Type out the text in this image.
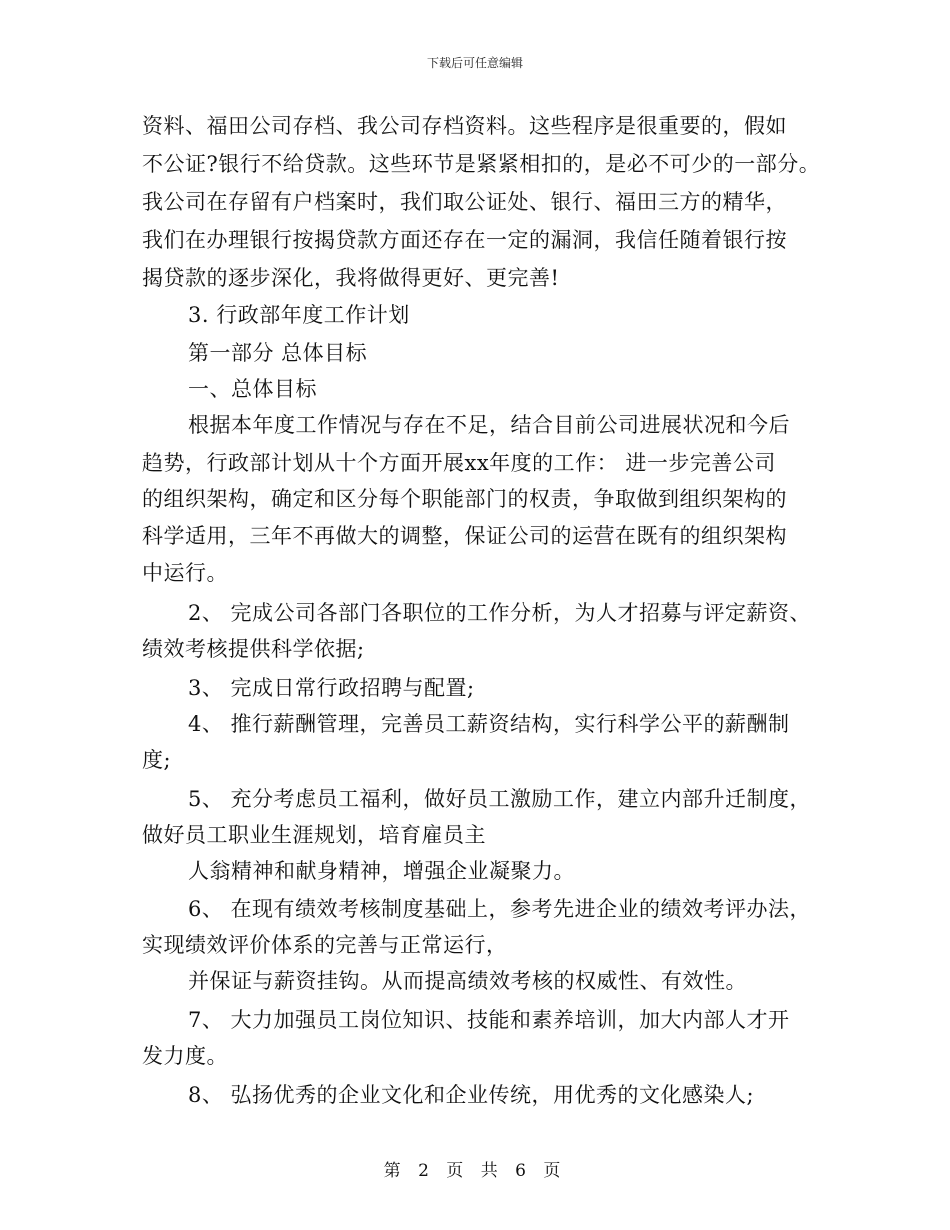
下载后可任意编辑
资料、福田公司存档、我公司存档资料。这些程序是很重要的，假如
不公证?银行不给贷款。这些环节是紧紧相扣的，是必不可少的一部分。
我公司在存留有户档案时，我们取公证处、银行、福田三方的精华，
我们在办理银行按揭贷款方面还存在一定的漏洞，我信任随着银行按
揭贷款的逐步深化，我将做得更好、更完善!
3. 行政部年度工作计划
第一部分 总体目标
一、总体目标
根据本年度工作情况与存在不足，结合目前公司进展状况和今后
趋势，行政部计划从十个方面开展xx年度的工作： 进一步完善公司
的组织架构，确定和区分每个职能部门的权责，争取做到组织架构的
科学适用，三年不再做大的调整，保证公司的运营在既有的组织架构
中运行。
2、 完成公司各部门各职位的工作分析，为人才招募与评定薪资、
绩效考核提供科学依据;
3、 完成日常行政招聘与配置;
4、 推行薪酬管理，完善员工薪资结构，实行科学公平的薪酬制
度;
5、 充分考虑员工福利，做好员工激励工作，建立内部升迁制度，
做好员工职业生涯规划，培育雇员主
人翁精神和献身精神，增强企业凝聚力。
6、 在现有绩效考核制度基础上，参考先进企业的绩效考评办法，
实现绩效评价体系的完善与正常运行，
并保证与薪资挂钩。从而提高绩效考核的权威性、有效性。
7、 大力加强员工岗位知识、技能和素养培训，加大内部人才开
发力度。
8、 弘扬优秀的企业文化和企业传统，用优秀的文化感染人;
第 2 页 共 6 页
